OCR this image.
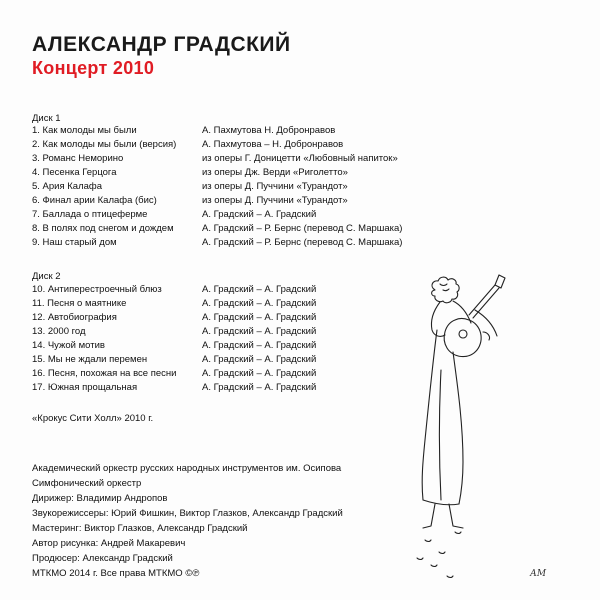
АЛЕКСАНДР ГРАДСКИЙ
Концерт 2010
Диск 1
1. Как молоды мы были	А. Пахмутова Н. Добронравов
2. Как молоды мы были (версия)	А. Пахмутова – Н. Добронравов
3. Романс Неморино	из оперы Г. Доницетти «Любовный напиток»
4. Песенка Герцога	из оперы Дж. Верди «Риголетто»
5. Ария Калафа	из оперы Д. Пуччини «Турандот»
6. Финал арии Калафа (бис)	из оперы Д. Пуччини «Турандот»
7. Баллада о птицеферме	А. Градский – А. Градский
8. В полях под снегом и дождем	А. Градский – Р. Бернс (перевод С. Маршака)
9. Наш старый дом	А. Градский – Р. Бернс (перевод С. Маршака)
Диск 2
10. Антиперестроечный блюз	А. Градский – А. Градский
11. Песня о маятнике	А. Градский – А. Градский
12. Автобиография	А. Градский – А. Градский
13. 2000 год	А. Градский – А. Градский
14. Чужой мотив	А. Градский – А. Градский
15. Мы не ждали перемен	А. Градский – А. Градский
16. Песня, похожая на все песни	А. Градский – А. Градский
17. Южная прощальная	А. Градский – А. Градский
«Крокус Сити Холл» 2010 г.
Академический оркестр русских народных инструментов им. Осипова
Симфонический оркестр
Дирижер: Владимир Андропов
Звукорежиссеры: Юрий Фишкин, Виктор Глазков, Александр Градский
Мастеринг: Виктор Глазков, Александр Градский
Автор рисунка: Андрей Макаревич
Продюсер: Александр Градский
МТКМО 2014 г. Все права МТКМО ©℗	АМ
